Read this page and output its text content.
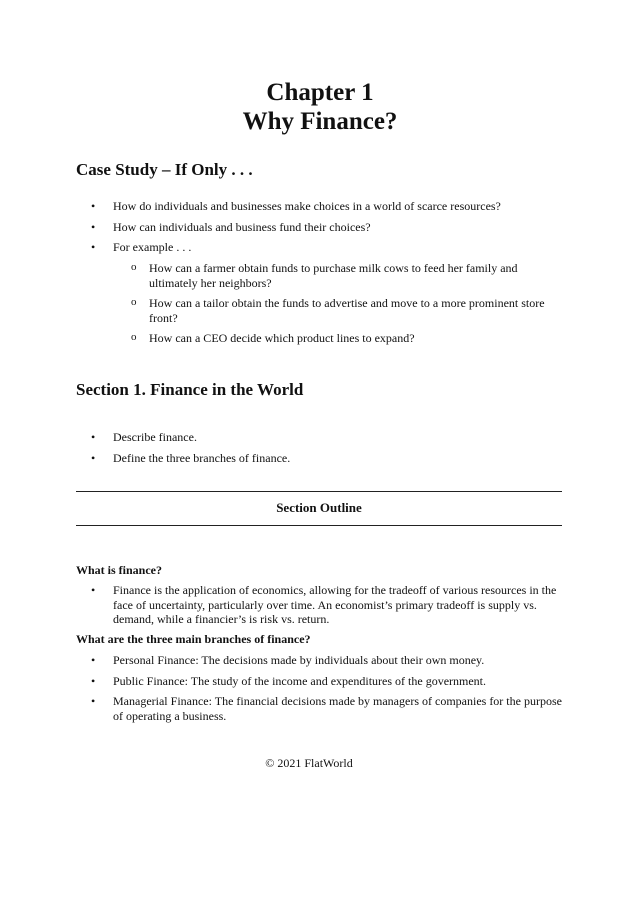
Chapter 1
Why Finance?
Case Study – If Only . . .
• How do individuals and businesses make choices in a world of scarce resources?
• How can individuals and business fund their choices?
• For example . . .
o How can a farmer obtain funds to purchase milk cows to feed her family and ultimately her neighbors?
o How can a tailor obtain the funds to advertise and move to a more prominent store front?
o How can a CEO decide which product lines to expand?
Section 1. Finance in the World
• Describe finance.
• Define the three branches of finance.
Section Outline
What is finance?
• Finance is the application of economics, allowing for the tradeoff of various resources in the face of uncertainty, particularly over time. An economist’s primary tradeoff is supply vs. demand, while a financier’s is risk vs. return.
What are the three main branches of finance?
• Personal Finance: The decisions made by individuals about their own money.
• Public Finance: The study of the income and expenditures of the government.
• Managerial Finance: The financial decisions made by managers of companies for the purpose of operating a business.
© 2021 FlatWorld
